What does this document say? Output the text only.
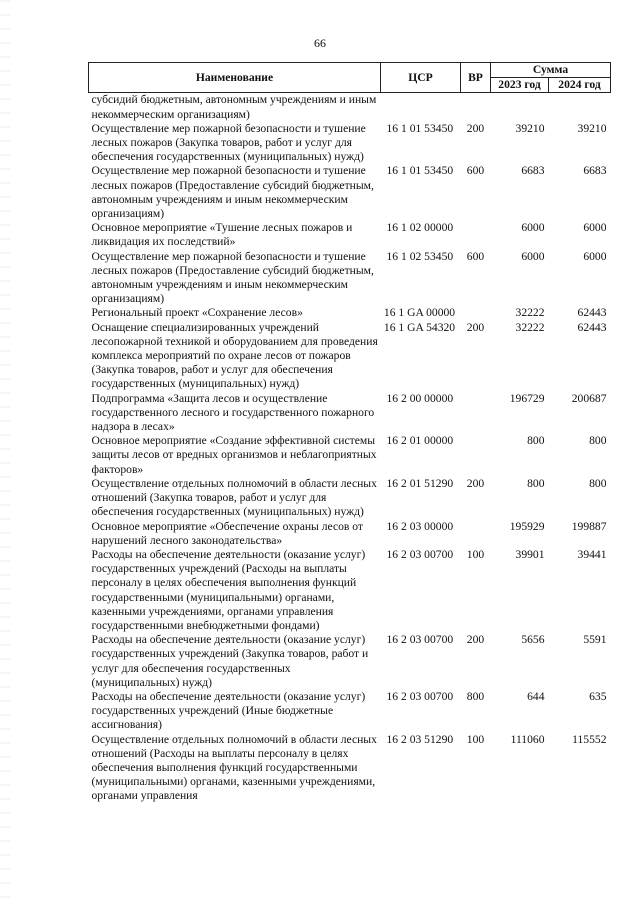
66
Наименование	ЦСР	ВР	Сумма	
			2023 год	2024 год
субсидий бюджетным, автономным учреждениям и иным некоммерческим организациям)				
Осуществление мер пожарной безопасности и тушение лесных пожаров (Закупка товаров, работ и услуг для обеспечения государственных (муниципальных) нужд)	16 1 01 53450	200	39210	39210
Осуществление мер пожарной безопасности и тушение лесных пожаров (Предоставление субсидий бюджетным, автономным учреждениям и иным некоммерческим организациям)	16 1 01 53450	600	6683	6683
Основное мероприятие «Тушение лесных пожаров и ликвидация их последствий»	16 1 02 00000		6000	6000
Осуществление мер пожарной безопасности и тушение лесных пожаров (Предоставление субсидий бюджетным, автономным учреждениям и иным некоммерческим организациям)	16 1 02 53450	600	6000	6000
Региональный проект «Сохранение лесов»	16 1 GA 00000		32222	62443
Оснащение специализированных учреждений лесопожарной техникой и оборудованием для проведения комплекса мероприятий по охране лесов от пожаров (Закупка товаров, работ и услуг для обеспечения государственных (муниципальных) нужд)	16 1 GA 54320	200	32222	62443
Подпрограмма «Защита лесов и осуществление государственного лесного и государственного пожарного надзора в лесах»	16 2 00 00000		196729	200687
Основное мероприятие «Создание эффективной системы защиты лесов от вредных организмов и неблагоприятных факторов»	16 2 01 00000		800	800
Осуществление отдельных полномочий в области лесных отношений (Закупка товаров, работ и услуг для обеспечения государственных (муниципальных) нужд)	16 2 01 51290	200	800	800
Основное мероприятие «Обеспечение охраны лесов от нарушений лесного законодательства»	16 2 03 00000		195929	199887
Расходы на обеспечение деятельности (оказание услуг) государственных учреждений (Расходы на выплаты персоналу в целях обеспечения выполнения функций государственными (муниципальными) органами, казенными учреждениями, органами управления государственными внебюджетными фондами)	16 2 03 00700	100	39901	39441
Расходы на обеспечение деятельности (оказание услуг) государственных учреждений (Закупка товаров, работ и услуг для обеспечения государственных (муниципальных) нужд)	16 2 03 00700	200	5656	5591
Расходы на обеспечение деятельности (оказание услуг) государственных учреждений (Иные бюджетные ассигнования)	16 2 03 00700	800	644	635
Осуществление отдельных полномочий в области лесных отношений (Расходы на выплаты персоналу в целях обеспечения выполнения функций государственными (муниципальными) органами, казенными учреждениями, органами управления	16 2 03 51290	100	111060	115552
